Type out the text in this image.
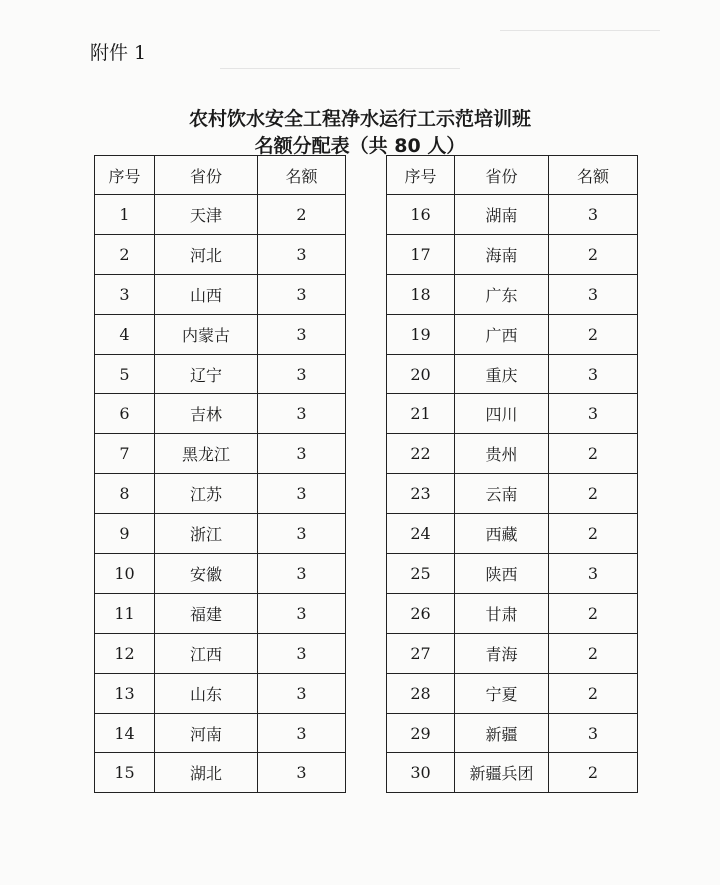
附件 1
农村饮水安全工程净水运行工示范培训班
名额分配表（共 80 人）
序号	省份	名额
1	天津	2
2	河北	3
3	山西	3
4	内蒙古	3
5	辽宁	3
6	吉林	3
7	黑龙江	3
8	江苏	3
9	浙江	3
10	安徽	3
11	福建	3
12	江西	3
13	山东	3
14	河南	3
15	湖北	3
序号	省份	名额
16	湖南	3
17	海南	2
18	广东	3
19	广西	2
20	重庆	3
21	四川	3
22	贵州	2
23	云南	2
24	西藏	2
25	陕西	3
26	甘肃	2
27	青海	2
28	宁夏	2
29	新疆	3
30	新疆兵团	2
